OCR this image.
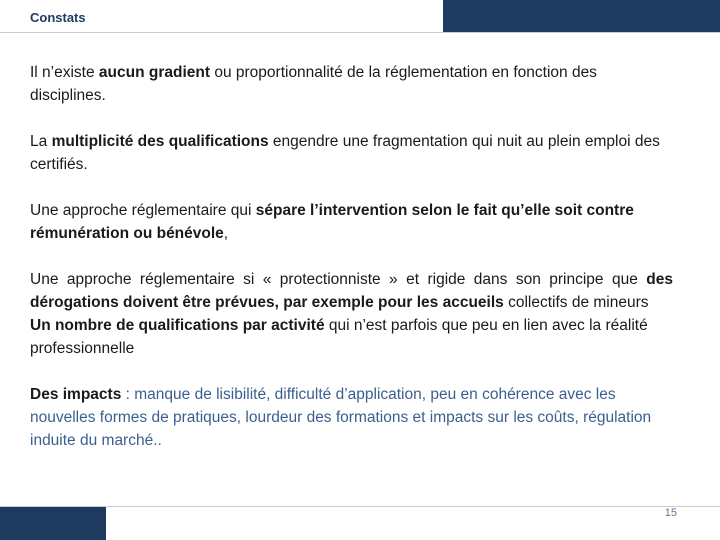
Constats

Il n’existe aucun gradient ou proportionnalité de la réglementation en fonction des disciplines.

La multiplicité des qualifications engendre une fragmentation qui nuit au plein emploi des certifiés.

Une approche réglementaire qui sépare l’intervention selon le fait qu’elle soit contre rémunération ou bénévole,

Une approche réglementaire si « protectionniste » et rigide dans son principe que des dérogations doivent être prévues, par exemple pour les accueils collectifs de mineurs

Un nombre de qualifications par activité qui n’est parfois que peu en lien avec la réalité professionnelle

Des impacts : manque de lisibilité, difficulté d’application, peu en cohérence avec les nouvelles formes de pratiques, lourdeur des formations et impacts sur les coûts, régulation induite du marché..

15
